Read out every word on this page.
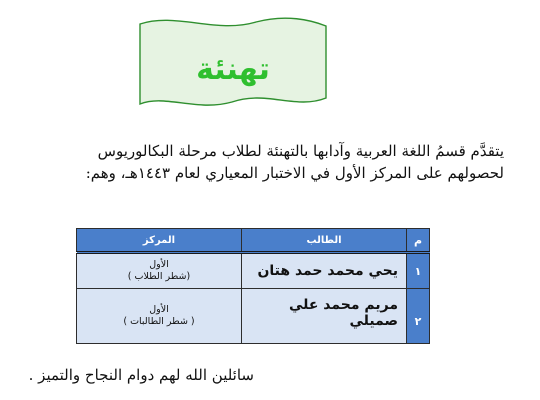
تهنئة
يتقدَّم قسمُ اللغة العربية وآدابها بالتهنئة لطلاب مرحلة البكالوريوس
لحصولهم على المركز الأول في الاختبار المعياري لعام ١٤٤٣هـ، وهم:
م	الطالب	المركز
١	يحي محمد حمد هتان	الأول
(شطر الطلاب )

٢	مريم محمد علي صميلي	الأول
( شطر الطالبات )
سائلين الله لهم دوام النجاح والتميز .
